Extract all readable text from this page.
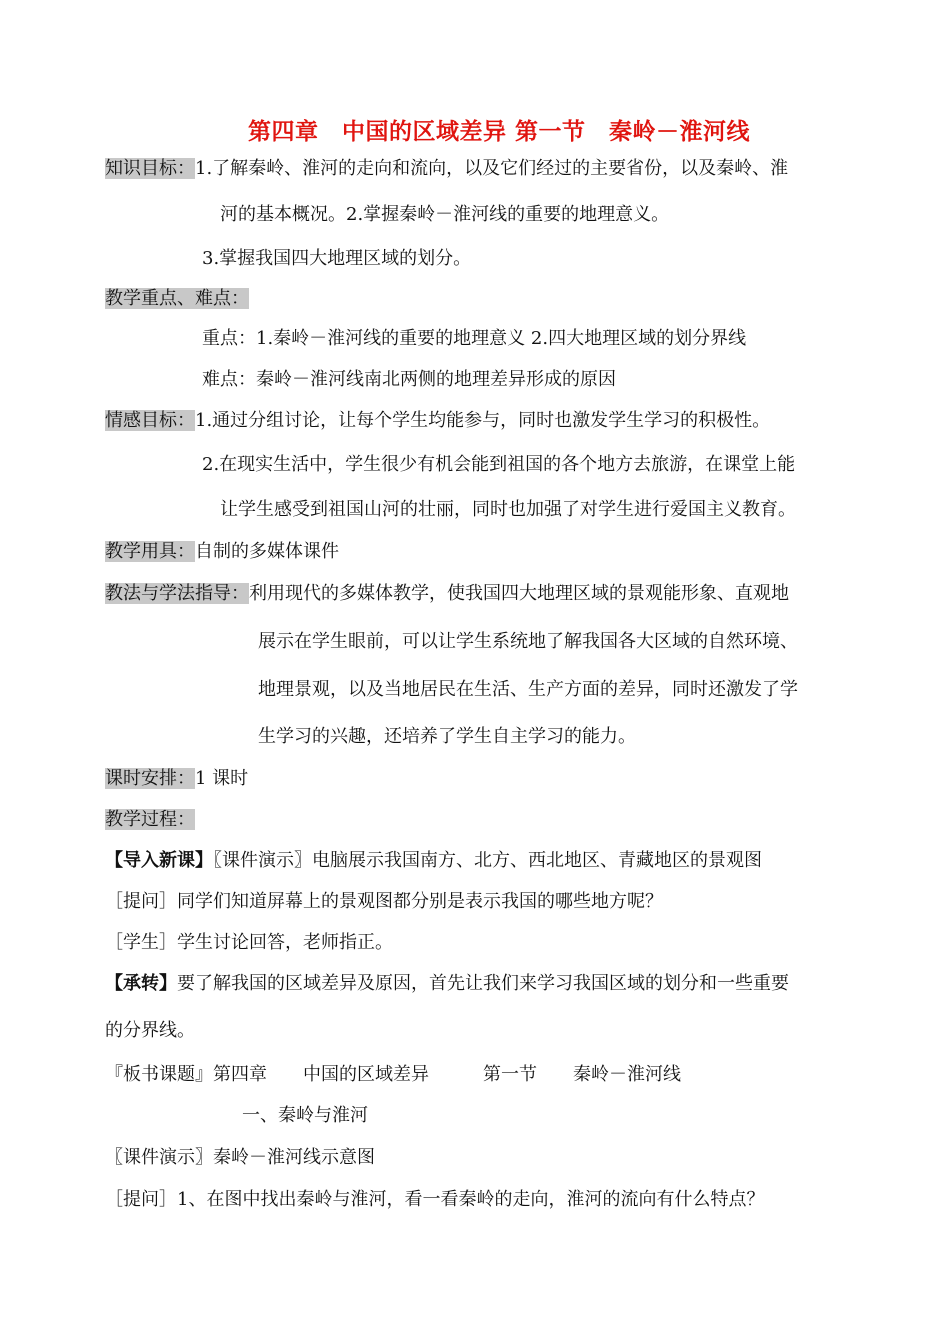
第四章　中国的区域差异 第一节　秦岭－淮河线
知识目标：1.了解秦岭、淮河的走向和流向，以及它们经过的主要省份，以及秦岭、淮
河的基本概况。2.掌握秦岭－淮河线的重要的地理意义。
3.掌握我国四大地理区域的划分。
教学重点、难点：
重点：1.秦岭－淮河线的重要的地理意义 2.四大地理区域的划分界线
难点：秦岭－淮河线南北两侧的地理差异形成的原因
情感目标：1.通过分组讨论，让每个学生均能参与，同时也激发学生学习的积极性。
2.在现实生活中，学生很少有机会能到祖国的各个地方去旅游，在课堂上能
让学生感受到祖国山河的壮丽，同时也加强了对学生进行爱国主义教育。
教学用具：自制的多媒体课件
教法与学法指导：利用现代的多媒体教学，使我国四大地理区域的景观能形象、直观地
展示在学生眼前，可以让学生系统地了解我国各大区域的自然环境、
地理景观，以及当地居民在生活、生产方面的差异，同时还激发了学
生学习的兴趣，还培养了学生自主学习的能力。
课时安排：1 课时
教学过程：
【导入新课】〖课件演示〗电脑展示我国南方、北方、西北地区、青藏地区的景观图
［提问］同学们知道屏幕上的景观图都分别是表示我国的哪些地方呢？
［学生］学生讨论回答，老师指正。
【承转】要了解我国的区域差异及原因，首先让我们来学习我国区域的划分和一些重要
的分界线。
『板书课题』第四章　　中国的区域差异　　　第一节　　秦岭－淮河线
一、秦岭与淮河
〖课件演示〗秦岭－淮河线示意图
［提问］1、在图中找出秦岭与淮河，看一看秦岭的走向，淮河的流向有什么特点？
